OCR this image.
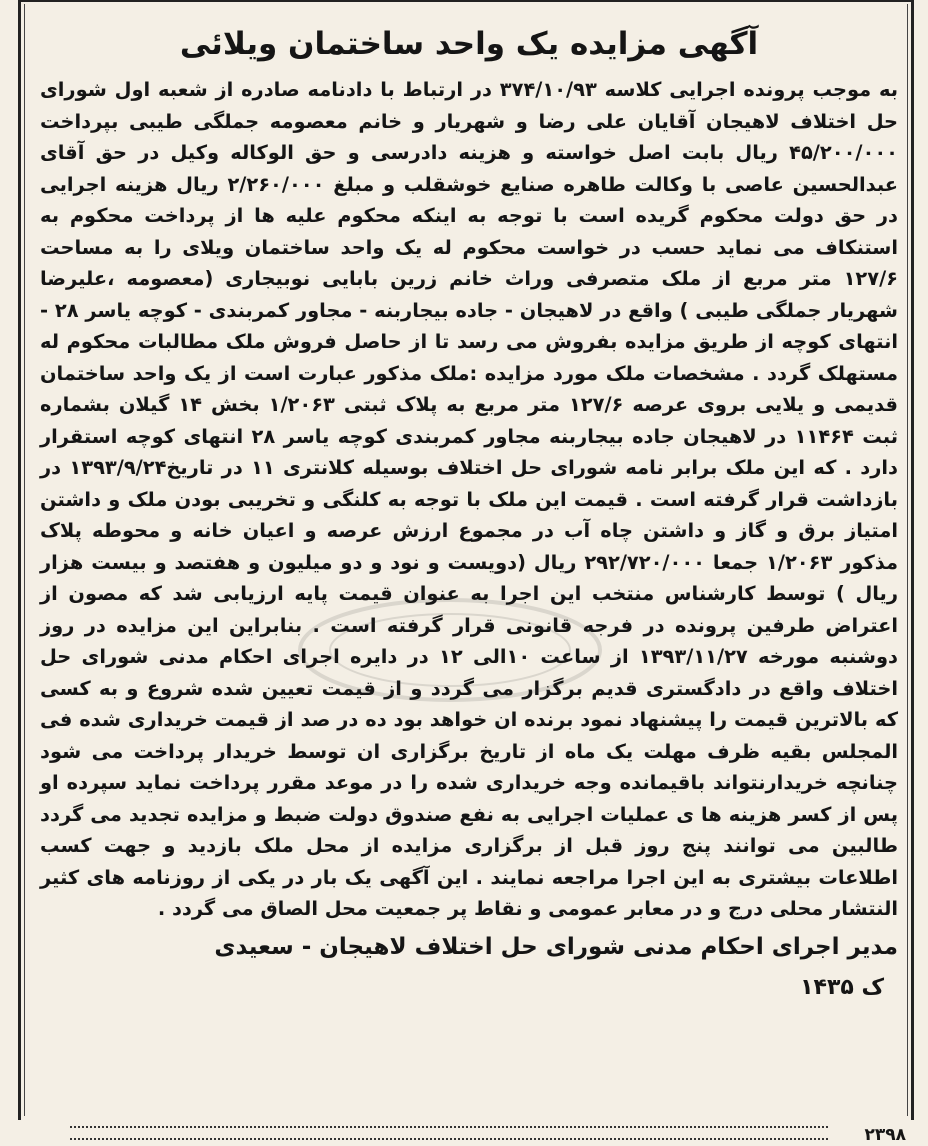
آگهی مزایده یک واحد ساختمان ویلائی

به موجب پرونده اجرایی کلاسه ۳۷۴/۱۰/۹۳ در ارتباط با دادنامه صادره از شعبه اول شورای حل اختلاف لاهیجان آقایان علی رضا و شهریار و خانم معصومه جملگی طیبی بپرداخت ۴۵/۲۰۰/۰۰۰ ریال بابت اصل خواسته و هزینه دادرسی و حق الوکاله وکیل در حق آقای عبدالحسین عاصی با وکالت طاهره صنایع خوشقلب و مبلغ ۲/۲۶۰/۰۰۰ ریال هزینه اجرایی در حق دولت محکوم گریده است با توجه به اینکه محکوم علیه ها از پرداخت محکوم به استنکاف می نماید حسب در خواست محکوم له یک واحد ساختمان ویلای را به مساحت ۱۲۷/۶ متر مربع از ملک متصرفی وراث خانم زرین بابایی نوبیجاری (معصومه ،علیرضا شهریار جملگی طیبی ) واقع در لاهیجان - جاده بیجاربنه - مجاور کمربندی - کوچه یاسر ۲۸ - انتهای کوچه از طریق مزایده بفروش می رسد تا از حاصل فروش ملک مطالبات محکوم له مستهلک گردد . مشخصات ملک مورد مزایده :ملک مذکور عبارت است از یک واحد ساختمان قدیمی و یلایی بروی عرصه ۱۲۷/۶ متر مربع به پلاک ثبتی ۱/۲۰۶۳ بخش ۱۴ گیلان بشماره ثبت ۱۱۴۶۴ در لاهیجان جاده بیجاربنه مجاور کمربندی کوچه یاسر ۲۸ انتهای کوچه استقرار دارد . که این ملک برابر نامه شورای حل اختلاف بوسیله کلانتری ۱۱ در تاریخ۱۳۹۳/۹/۲۴ در بازداشت قرار گرفته است . قیمت این ملک با توجه به کلنگی و تخریبی بودن ملک و داشتن امتیاز برق و گاز و داشتن چاه آب در مجموع ارزش عرصه و اعیان خانه و محوطه پلاک مذکور ۱/۲۰۶۳ جمعا ۲۹۲/۷۲۰/۰۰۰ ریال (دویست و نود و دو میلیون و هفتصد و بیست هزار ریال ) توسط کارشناس منتخب این اجرا به عنوان قیمت پایه ارزیابی شد که مصون از اعتراض طرفین پرونده در فرجه قانونی قرار گرفته است . بنابراین این مزایده در روز دوشنبه مورخه ۱۳۹۳/۱۱/۲۷ از ساعت ۱۰الی ۱۲ در دایره اجرای احکام مدنی شورای حل اختلاف واقع در دادگستری قدیم برگزار می گردد و از قیمت تعیین شده شروع و به کسی که بالاترین قیمت را پیشنهاد نمود برنده ان خواهد بود ده در صد از قیمت خریداری شده فی المجلس بقیه ظرف مهلت یک ماه از تاریخ برگزاری ان توسط خریدار پرداخت می شود چنانچه خریدارنتواند باقیمانده وجه خریداری شده را در موعد مقرر پرداخت نماید سپرده او پس از کسر هزینه ها ی عملیات اجرایی به نفع صندوق دولت ضبط و مزایده تجدید می گردد طالبین می توانند پنج روز قبل از برگزاری مزایده از محل ملک بازدید و جهت کسب اطلاعات بیشتری به این اجرا مراجعه نمایند . این آگهی یک بار در یکی از روزنامه های کثیر النتشار محلی درج و در معابر عمومی و نقاط پر جمعیت محل الصاق می گردد .

مدیر اجرای احکام مدنی شورای حل اختلاف لاهیجان - سعیدی
ک ۱۴۳۵
۲۳۹۸
